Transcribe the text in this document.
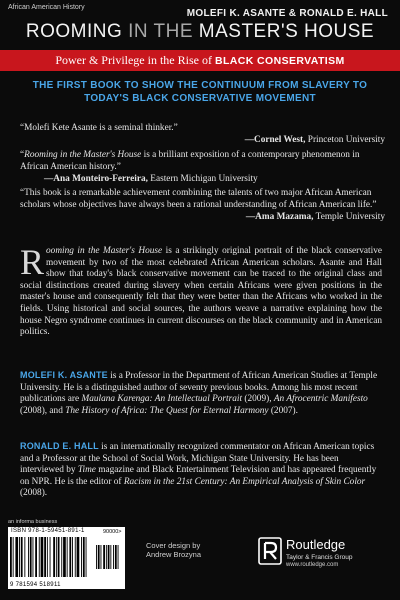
African American History
MOLEFI K. ASANTE & RONALD E. HALL
ROOMING IN THE MASTER'S HOUSE
Power & Privilege in the Rise of BLACK CONSERVATISM
THE FIRST BOOK TO SHOW THE CONTINUUM FROM SLAVERY TO TODAY'S BLACK CONSERVATIVE MOVEMENT
“Molefi Kete Asante is a seminal thinker.”
—Cornel West, Princeton University
“Rooming in the Master's House is a brilliant exposition of a contemporary phenomenon in African American history.”
—Ana Monteiro-Ferreira, Eastern Michigan University
“This book is a remarkable achievement combining the talents of two major African American scholars whose objectives have always been a rational understanding of African American life.”
—Ama Mazama, Temple University
Rooming in the Master's House is a strikingly original portrait of the black conservative movement by two of the most celebrated African American scholars. Asante and Hall show that today's black conservative movement can be traced to the original class and social distinctions created during slavery when certain Africans were given positions in the master's house and consequently felt that they were better than the Africans who worked in the fields. Using historical and social sources, the authors weave a narrative explaining how the house Negro syndrome continues in current discourses on the black community and in American politics.
MOLEFI K. ASANTE is a Professor in the Department of African American Studies at Temple University. He is a distinguished author of seventy previous books. Among his most recent publications are Maulana Karenga: An Intellectual Portrait (2009), An Afrocentric Manifesto (2008), and The History of Africa: The Quest for Eternal Harmony (2007).
RONALD E. HALL is an internationally recognized commentator on African American topics and a Professor at the School of Social Work, Michigan State University. He has been interviewed by Time magazine and Black Entertainment Television and has appeared frequently on NPR. He is the editor of Racism in the 21st Century: An Empirical Analysis of Skin Color (2008).
an informa business
ISBN 978-1-59451-891-1	90000>
9 781594 518911
Cover design by
Andrew Brozyna
Routledge
Taylor & Francis Group
www.routledge.com
